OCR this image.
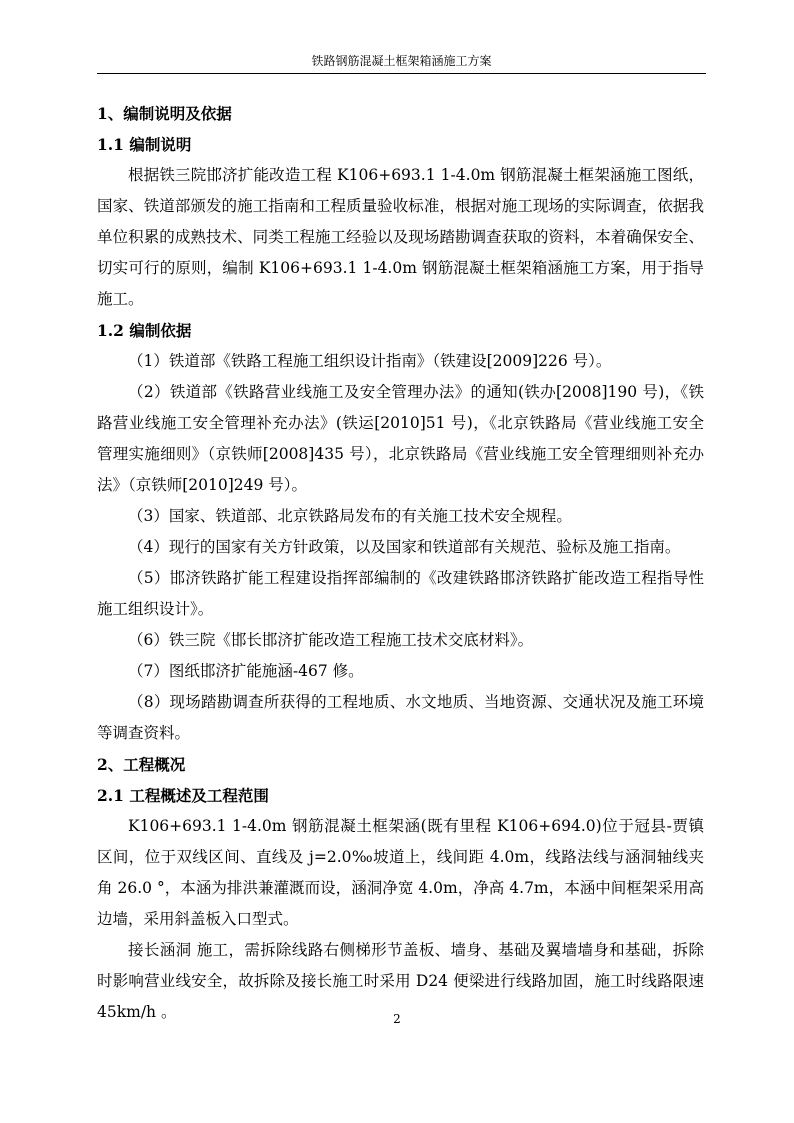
铁路钢筋混凝土框架箱涵施工方案
1、编制说明及依据
1.1 编制说明
根据铁三院邯济扩能改造工程 K106+693.1 1-4.0m 钢筋混凝土框架涵施工图纸，国家、铁道部颁发的施工指南和工程质量验收标准，根据对施工现场的实际调查，依据我单位积累的成熟技术、同类工程施工经验以及现场踏勘调查获取的资料，本着确保安全、切实可行的原则，编制 K106+693.1 1-4.0m 钢筋混凝土框架箱涵施工方案，用于指导施工。
1.2 编制依据
（1）铁道部《铁路工程施工组织设计指南》（铁建设[2009]226 号）。
（2）铁道部《铁路营业线施工及安全管理办法》的通知(铁办[2008]190 号)，《铁路营业线施工安全管理补充办法》(铁运[2010]51 号)，《北京铁路局《营业线施工安全管理实施细则》（京铁师[2008]435 号），北京铁路局《营业线施工安全管理细则补充办法》（京铁师[2010]249 号）。
（3）国家、铁道部、北京铁路局发布的有关施工技术安全规程。
（4）现行的国家有关方针政策，以及国家和铁道部有关规范、验标及施工指南。
（5）邯济铁路扩能工程建设指挥部编制的《改建铁路邯济铁路扩能改造工程指导性施工组织设计》。
（6）铁三院《邯长邯济扩能改造工程施工技术交底材料》。
（7）图纸邯济扩能施涵-467 修。
（8）现场踏勘调查所获得的工程地质、水文地质、当地资源、交通状况及施工环境等调查资料。
2、工程概况
2.1 工程概述及工程范围
K106+693.1 1-4.0m 钢筋混凝土框架涵(既有里程 K106+694.0)位于冠县-贾镇区间，位于双线区间、直线及 j=2.0‰坡道上，线间距 4.0m，线路法线与涵洞轴线夹角 26.0 °，本涵为排洪兼灌溉而设，涵洞净宽 4.0m，净高 4.7m，本涵中间框架采用高边墙，采用斜盖板入口型式。
接长涵洞 施工，需拆除线路右侧梯形节盖板、墙身、基础及翼墙墙身和基础，拆除时影响营业线安全，故拆除及接长施工时采用 D24 便梁进行线路加固，施工时线路限速 45km/h 。	2
